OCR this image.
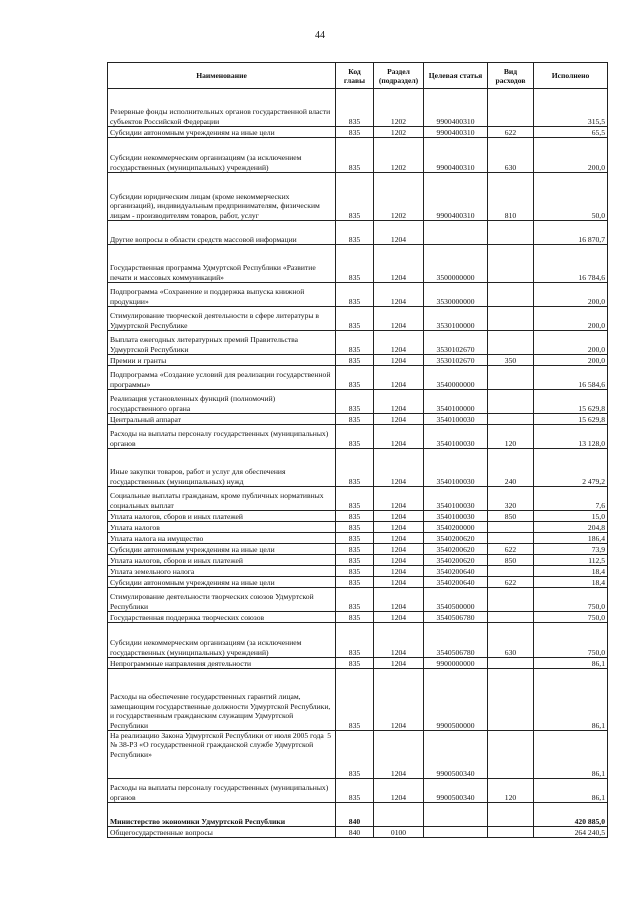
44
Наименование	Код главы	Раздел (подраздел)	Целевая статья	Вид расходов	Исполнено
Резервные фонды исполнительных органов государственной власти субъектов Российской Федерации	835	1202	9900400310		315,5
Субсидии автономным учреждениям на иные цели	835	1202	9900400310	622	65,5
Субсидии некоммерческим организациям (за исключением государственных (муниципальных) учреждений)	835	1202	9900400310	630	200,0
Субсидии юридическим лицам (кроме некоммерческих организаций), индивидуальным предпринимателям, физическим лицам - производителям товаров, работ, услуг	835	1202	9900400310	810	50,0
Другие вопросы в области средств массовой информации	835	1204			16 870,7
Государственная программа Удмуртской Республики «Развитие печати и массовых коммуникаций»	835	1204	3500000000		16 784,6
Подпрограмма «Сохранение и поддержка выпуска книжной продукции»	835	1204	3530000000		200,0
Стимулирование творческой деятельности в сфере литературы в Удмуртской Республике	835	1204	3530100000		200,0
Выплата ежегодных литературных премий Правительства Удмуртской Республики	835	1204	3530102670		200,0
Премии и гранты	835	1204	3530102670	350	200,0
Подпрограмма «Создание условий для реализации государственной программы»	835	1204	3540000000		16 584,6
Реализация установленных функций (полномочий) государственного органа	835	1204	3540100000		15 629,8
Центральный аппарат	835	1204	3540100030		15 629,8
Расходы на выплаты персоналу государственных (муниципальных) органов	835	1204	3540100030	120	13 128,0
Иные закупки товаров, работ и услуг для обеспечения государственных (муниципальных) нужд	835	1204	3540100030	240	2 479,2
Социальные выплаты гражданам, кроме публичных нормативных социальных выплат	835	1204	3540100030	320	7,6
Уплата налогов, сборов и иных платежей	835	1204	3540100030	850	15,0
Уплата налогов	835	1204	3540200000		204,8
Уплата налога на имущество	835	1204	3540200620		186,4
Субсидии автономным учреждениям на иные цели	835	1204	3540200620	622	73,9
Уплата налогов, сборов и иных платежей	835	1204	3540200620	850	112,5
Уплата земельного налога	835	1204	3540200640		18,4
Субсидии автономным учреждениям на иные цели	835	1204	3540200640	622	18,4
Стимулирование деятельности творческих союзов Удмуртской Республики	835	1204	3540500000		750,0
Государственная поддержка творческих союзов	835	1204	3540506780		750,0
Субсидии некоммерческим организациям (за исключением государственных (муниципальных) учреждений)	835	1204	3540506780	630	750,0
Непрограммные направления деятельности	835	1204	9900000000		86,1
Расходы на обеспечение государственных гарантий лицам, замещающим государственные должности Удмуртской Республики, и государственным гражданским служащим Удмуртской Республики	835	1204	9900500000		86,1

5
На реализацию Закона Удмуртской Республики от июля 2005 года № 38-РЗ «О государственной гражданской службе Удмуртской Республики»	835	1204	9900500340		86,1
Расходы на выплаты персоналу государственных (муниципальных) органов	835	1204	9900500340	120	86,1
Министерство экономики Удмуртской Республики	840				420 885,0
Общегосударственные вопросы	840	0100			264 240,5
